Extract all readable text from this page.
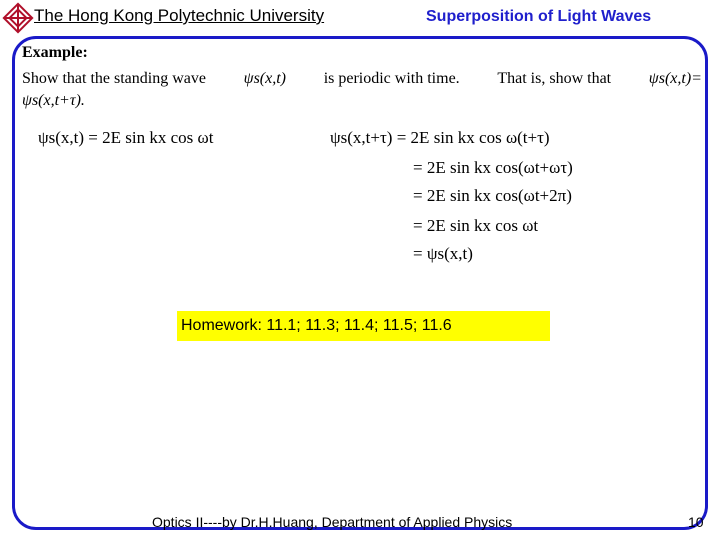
The Hong Kong Polytechnic University	Superposition of Light Waves
Example:
Show that the standing wave ψs(x,t) is periodic with time. That is, show that ψs(x,t)=
ψs(x,t+τ).
ψs(x,t) = 2E sin kx cos ωt	ψs(x,t+τ) = 2E sin kx cos ω(t+τ)
= 2E sin kx cos(ωt+ωτ)
= 2E sin kx cos(ωt+2π)
= 2E sin kx cos ωt
= ψs(x,t)
Homework: 11.1; 11.3; 11.4; 11.5; 11.6
Optics II----by Dr.H.Huang, Department of Applied Physics	10
